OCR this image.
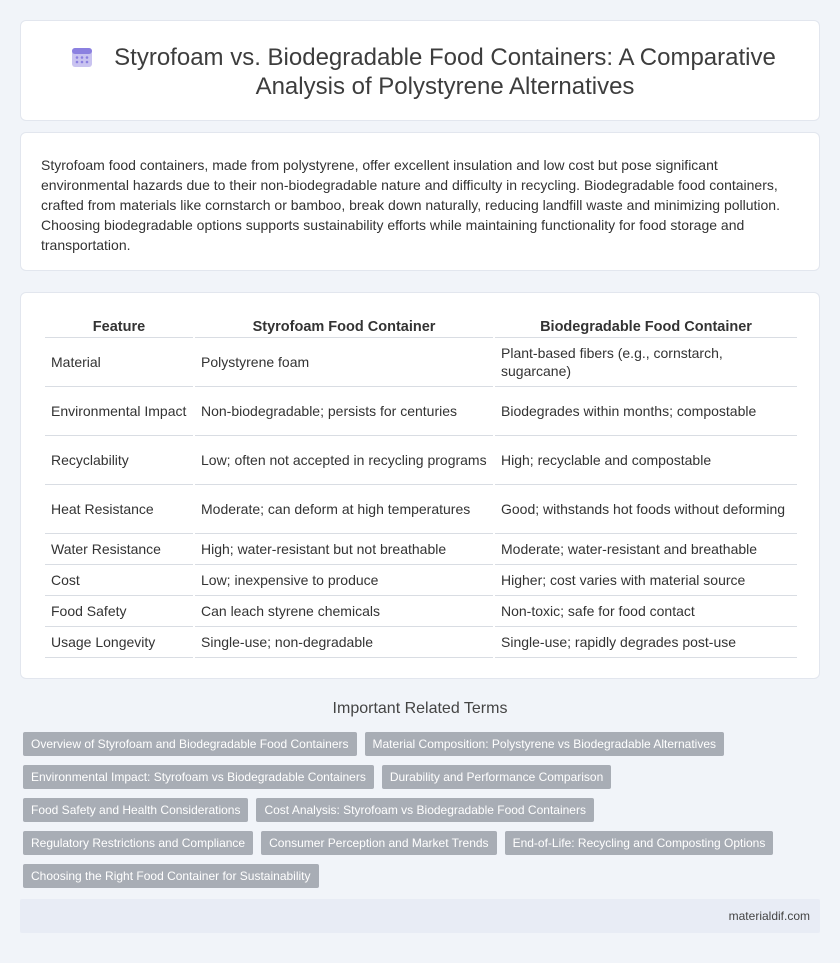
Styrofoam vs. Biodegradable Food Containers: A Comparative Analysis of Polystyrene Alternatives

Styrofoam food containers, made from polystyrene, offer excellent insulation and low cost but pose significant environmental hazards due to their non-biodegradable nature and difficulty in recycling. Biodegradable food containers, crafted from materials like cornstarch or bamboo, break down naturally, reducing landfill waste and minimizing pollution. Choosing biodegradable options supports sustainability efforts while maintaining functionality for food storage and transportation.

Feature	Styrofoam Food Container	Biodegradable Food Container
Material	Polystyrene foam	Plant-based fibers (e.g., cornstarch, sugarcane)
Environmental Impact	Non-biodegradable; persists for centuries	Biodegrades within months; compostable
Recyclability	Low; often not accepted in recycling programs	High; recyclable and compostable
Heat Resistance	Moderate; can deform at high temperatures	Good; withstands hot foods without deforming
Water Resistance	High; water-resistant but not breathable	Moderate; water-resistant and breathable
Cost	Low; inexpensive to produce	Higher; cost varies with material source
Food Safety	Can leach styrene chemicals	Non-toxic; safe for food contact
Usage Longevity	Single-use; non-degradable	Single-use; rapidly degrades post-use
Important Related Terms
Overview of Styrofoam and Biodegradable Food Containers	Material Composition: Polystyrene vs Biodegradable Alternatives
Environmental Impact: Styrofoam vs Biodegradable Containers	Durability and Performance Comparison
Food Safety and Health Considerations	Cost Analysis: Styrofoam vs Biodegradable Food Containers
Regulatory Restrictions and Compliance	Consumer Perception and Market Trends	End-of-Life: Recycling and Composting Options
Choosing the Right Food Container for Sustainability
materialdif.com
